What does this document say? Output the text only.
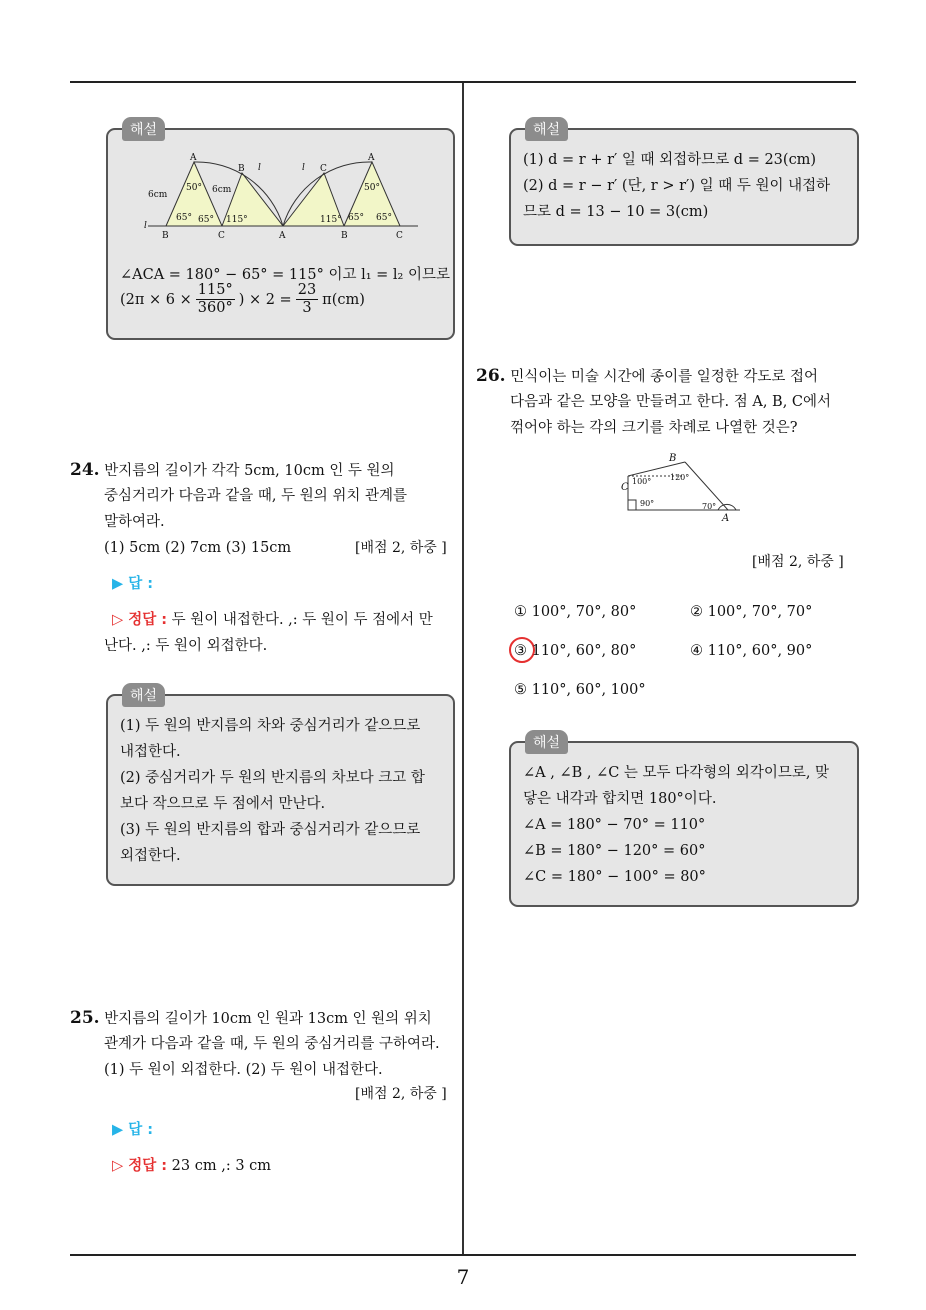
해설
A
B l	l C
A
6cm
50° 6cm	50°
l
65° 65° 115°	115° 65° 65°
B	C	A	B	C
∠ACA = 180° − 65° = 115° 이고 l₁ = l₂ 이므로
($2\pi \times 6 \times \frac{115^\circ}{360^\circ}$ ) × $2 = \frac{23}{3} \pi(cm)$
24. 반지름의 길이가 각각 5cm, 10cm 인 두 원의
중심거리가 다음과 같을 때, 두 원의 위치 관계를
말하여라.
(1) 5cm (2) 7cm (3) 15cm	[배점 2, 하중 ]
▶ 답 :
▷ 정답 : 두 원이 내접한다. ,: 두 원이 두 점에서 만
난다. ,: 두 원이 외접한다.
해설
(1) 두 원의 반지름의 차와 중심거리가 같으므로
내접한다.
(2) 중심거리가 두 원의 반지름의 차보다 크고 합
보다 작으므로 두 점에서 만난다.
(3) 두 원의 반지름의 합과 중심거리가 같으므로
외접한다.
25. 반지름의 길이가 10cm 인 원과 13cm 인 원의 위치
관계가 다음과 같을 때, 두 원의 중심거리를 구하여라.
(1) 두 원이 외접한다. (2) 두 원이 내접한다.
[배점 2, 하중 ]
▶ 답 :
▷ 정답 : 23 cm ,: 3 cm
해설
(1) d = r + r′ 일 때 외접하므로 d = 23(cm)
(2) d = r − r′ (단, r > r′) 일 때 두 원이 내접하
므로 d = 13 − 10 = 3(cm)
26. 민식이는 미술 시간에 종이를 일정한 각도로 접어
다음과 같은 모양을 만들려고 한다. 점 A, B, C에서
꺾어야 하는 각의 크기를 차례로 나열한 것은?
B
C
100° 120°
90°	70°
A
[배점 2, 하중 ]
① 100°, 70°, 80°	② 100°, 70°, 70°
③ 110°, 60°, 80°	④ 110°, 60°, 90°
⑤ 110°, 60°, 100°
해설
∠A , ∠B , ∠C 는 모두 다각형의 외각이므로, 맞
닿은 내각과 합치면 180°이다.
∠A = 180° − 70° = 110°
∠B = 180° − 120° = 60°
∠C = 180° − 100° = 80°
7
